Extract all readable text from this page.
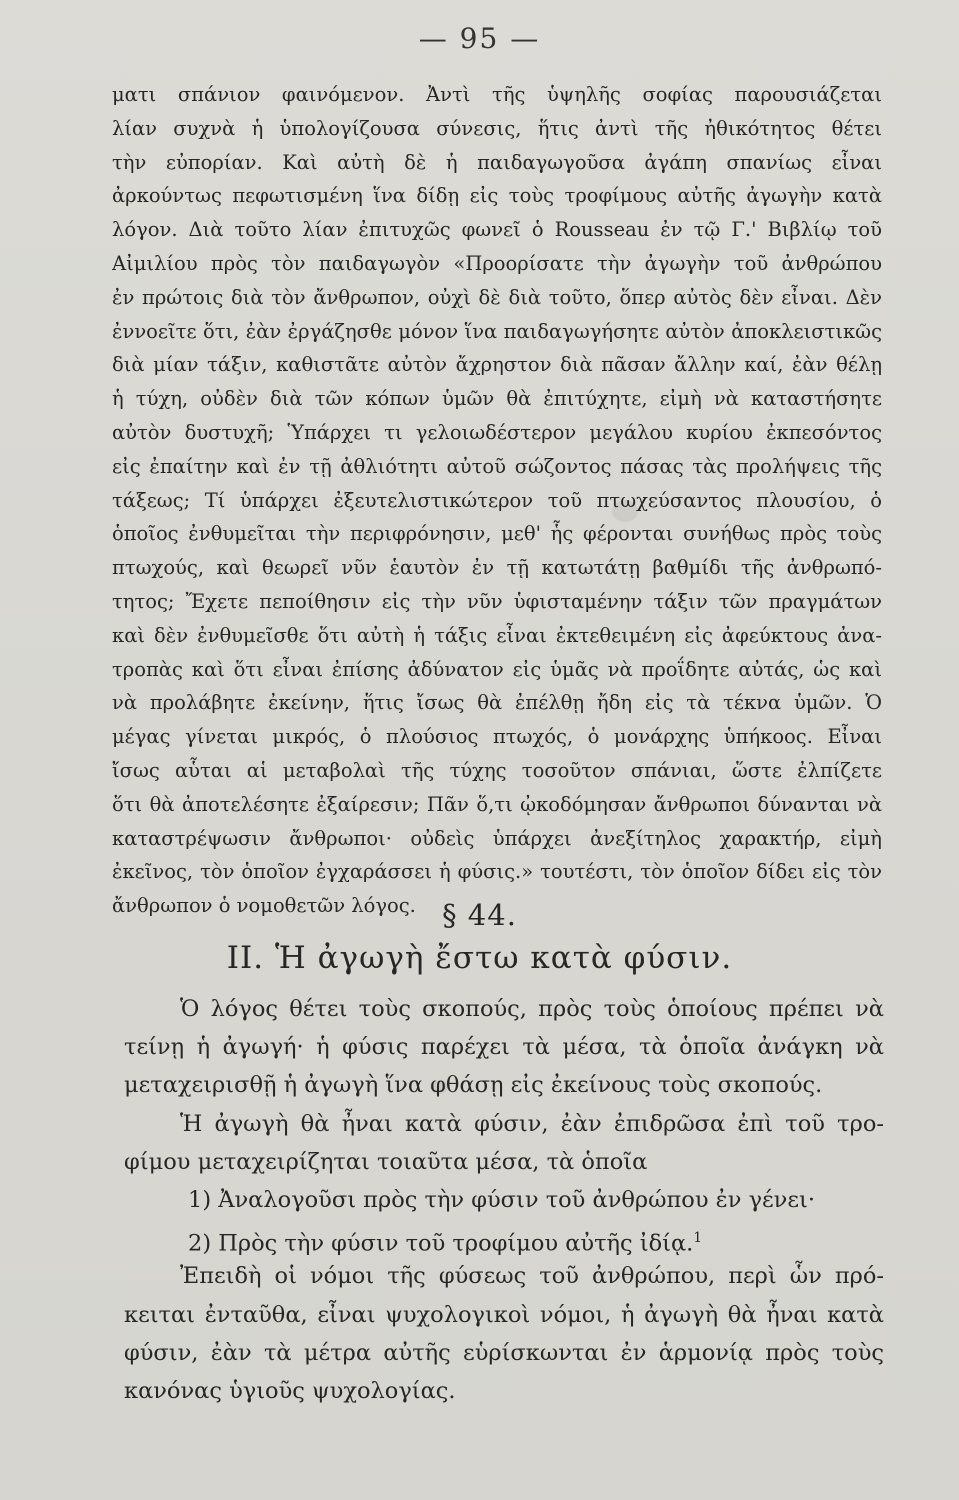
— 95 —

ματι σπάνιον φαινόμενον. Ἀντὶ τῆς ὑψηλῆς σοφίας παρουσιάζεται

λίαν συχνὰ ἡ ὑπολογίζουσα σύνεσις, ἥτις ἀντὶ τῆς ἠθικότητος θέτει

τὴν εὐπορίαν. Καὶ αὐτὴ δὲ ἡ παιδαγωγοῦσα ἀγάπη σπανίως εἶναι

ἀρκούντως πεφωτισμένη ἵνα δίδῃ εἰς τοὺς τροφίμους αὐτῆς ἀγωγὴν κατὰ

λόγον. Διὰ τοῦτο λίαν ἐπιτυχῶς φωνεῖ ὁ Rousseau ἐν τῷ Γ.' Βιβλίῳ τοῦ

Αἰμιλίου πρὸς τὸν παιδαγωγὸν «Προορίσατε τὴν ἀγωγὴν τοῦ ἀνθρώπου

ἐν πρώτοις διὰ τὸν ἄνθρωπον, οὐχὶ δὲ διὰ τοῦτο, ὅπερ αὐτὸς δὲν εἶναι. Δὲν

ἐννοεῖτε ὅτι, ἐὰν ἐργάζησθε μόνον ἵνα παιδαγωγήσητε αὐτὸν ἀποκλειστικῶς

διὰ μίαν τάξιν, καθιστᾶτε αὐτὸν ἄχρηστον διὰ πᾶσαν ἄλλην καί, ἐὰν θέλῃ

ἡ τύχη, οὐδὲν διὰ τῶν κόπων ὑμῶν θὰ ἐπιτύχητε, εἰμὴ νὰ καταστήσητε

αὐτὸν δυστυχῆ; Ὑπάρχει τι γελοιωδέστερον μεγάλου κυρίου ἐκπεσόντος

εἰς ἐπαίτην καὶ ἐν τῇ ἀθλιότητι αὐτοῦ σώζοντος πάσας τὰς προλήψεις τῆς

τάξεως; Τί ὑπάρχει ἐξευτελιστικώτερον τοῦ πτωχεύσαντος πλουσίου, ὁ

ὁποῖος ἐνθυμεῖται τὴν περιφρόνησιν, μεθ' ἧς φέρονται συνήθως πρὸς τοὺς

πτωχούς, καὶ θεωρεῖ νῦν ἑαυτὸν ἐν τῇ κατωτάτῃ βαθμίδι τῆς ἀνθρωπό-

τητος; Ἔχετε πεποίθησιν εἰς τὴν νῦν ὑφισταμένην τάξιν τῶν πραγμάτων

καὶ δὲν ἐνθυμεῖσθε ὅτι αὐτὴ ἡ τάξις εἶναι ἐκτεθειμένη εἰς ἀφεύκτους ἀνα-

τροπὰς καὶ ὅτι εἶναι ἐπίσης ἀδύνατον εἰς ὑμᾶς νὰ προΐδητε αὐτάς, ὡς καὶ

νὰ προλάβητε ἐκείνην, ἥτις ἴσως θὰ ἐπέλθῃ ἤδη εἰς τὰ τέκνα ὑμῶν. Ὁ

μέγας γίνεται μικρός, ὁ πλούσιος πτωχός, ὁ μονάρχης ὑπήκοος. Εἶναι

ἴσως αὗται αἱ μεταβολαὶ τῆς τύχης τοσοῦτον σπάνιαι, ὥστε ἐλπίζετε

ὅτι θὰ ἀποτελέσητε ἐξαίρεσιν; Πᾶν ὅ,τι ᾠκοδόμησαν ἄνθρωποι δύνανται νὰ

καταστρέψωσιν ἄνθρωποι· οὐδεὶς ὑπάρχει ἀνεξίτηλος χαρακτήρ, εἰμὴ

ἐκεῖνος, τὸν ὁποῖον ἐγχαράσσει ἡ φύσις.» τουτέστι, τὸν ὁποῖον δίδει εἰς τὸν

ἄνθρωπον ὁ νομοθετῶν λόγος. § 44.
II. Ἡ ἀγωγὴ ἔστω κατὰ φύσιν.

Ὁ λόγος θέτει τοὺς σκοπούς, πρὸς τοὺς ὁποίους πρέπει νὰ

τείνῃ ἡ ἀγωγή· ἡ φύσις παρέχει τὰ μέσα, τὰ ὁποῖα ἀνάγκη νὰ

μεταχειρισθῇ ἡ ἀγωγὴ ἵνα φθάσῃ εἰς ἐκείνους τοὺς σκοπούς.

Ἡ ἀγωγὴ θὰ ἦναι κατὰ φύσιν, ἐὰν ἐπιδρῶσα ἐπὶ τοῦ τρο-

φίμου μεταχειρίζηται τοιαῦτα μέσα, τὰ ὁποῖα

1) Ἀναλογοῦσι πρὸς τὴν φύσιν τοῦ ἀνθρώπου ἐν γένει·

2) Πρὸς τὴν φύσιν τοῦ τροφίμου αὐτῆς ἰδίᾳ.$^1$

Ἐπειδὴ οἱ νόμοι τῆς φύσεως τοῦ ἀνθρώπου, περὶ ὧν πρό-

κειται ἐνταῦθα, εἶναι ψυχολογικοὶ νόμοι, ἡ ἀγωγὴ θὰ ἦναι κατὰ

φύσιν, ἐὰν τὰ μέτρα αὐτῆς εὑρίσκωνται ἐν ἁρμονίᾳ πρὸς τοὺς

κανόνας ὑγιοῦς ψυχολογίας.
